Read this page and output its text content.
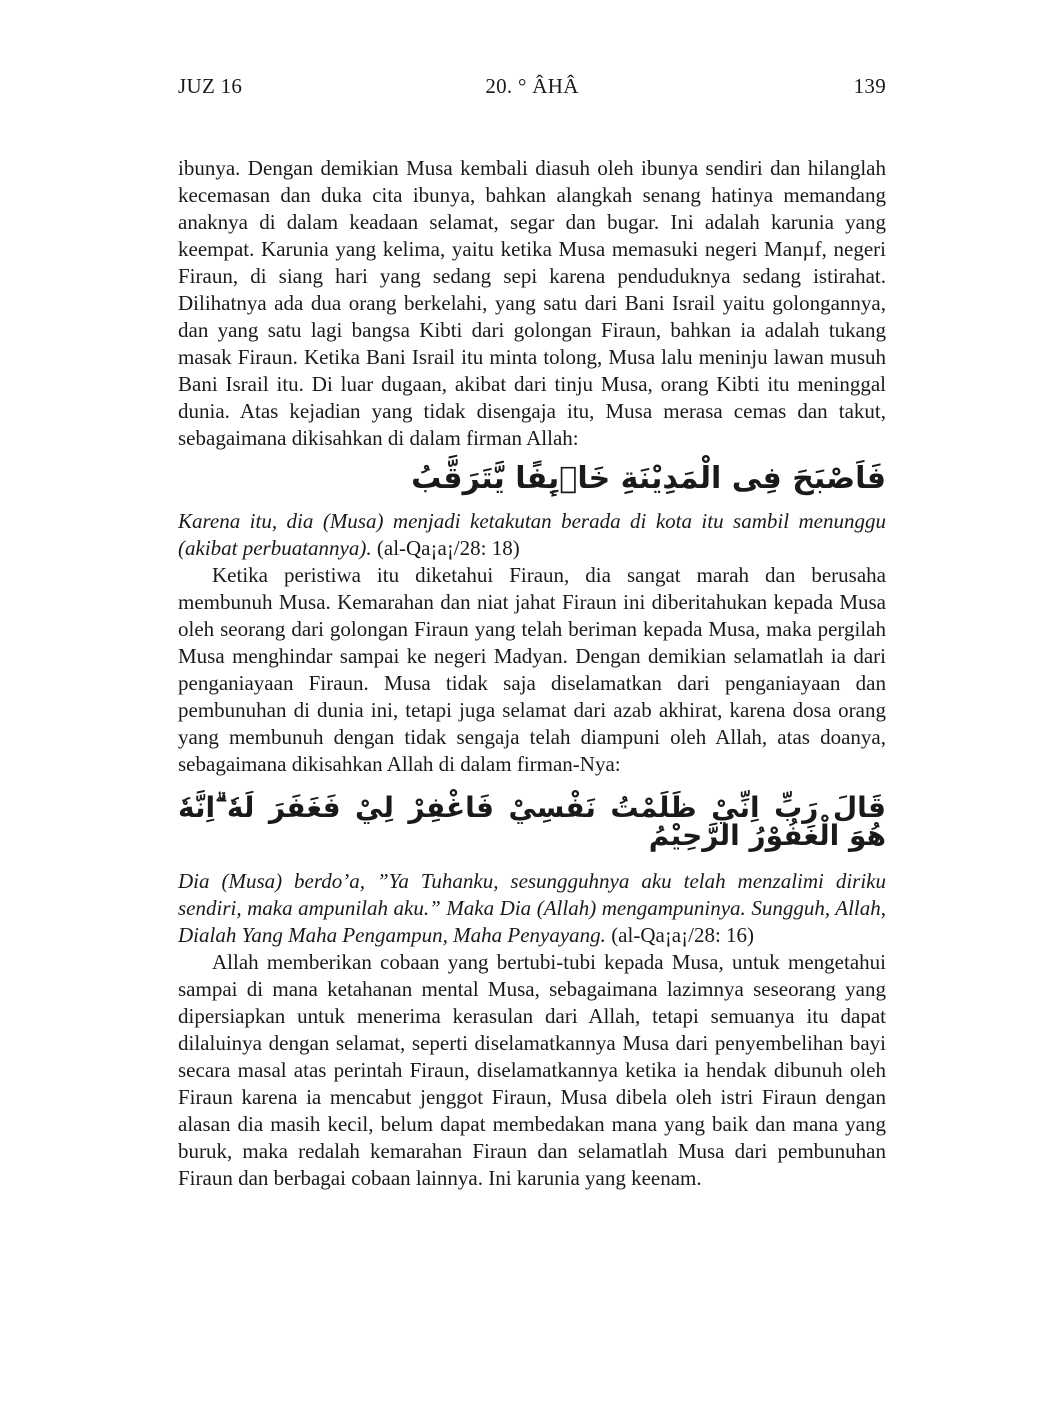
JUZ 16	20. ° ÂHÂ	139

ibunya. Dengan demikian Musa kembali diasuh oleh ibunya sendiri dan hilanglah kecemasan dan duka cita ibunya, bahkan alangkah senang hatinya memandang anaknya di dalam keadaan selamat, segar dan bugar. Ini adalah karunia yang keempat. Karunia yang kelima, yaitu ketika Musa memasuki negeri Manµf, negeri Firaun, di siang hari yang sedang sepi karena penduduknya sedang istirahat. Dilihatnya ada dua orang berkelahi, yang satu dari Bani Israil yaitu golongannya, dan yang satu lagi bangsa Kibti dari golongan Firaun, bahkan ia adalah tukang masak Firaun. Ketika Bani Israil itu minta tolong, Musa lalu meninju lawan musuh Bani Israil itu. Di luar dugaan, akibat dari tinju Musa, orang Kibti itu meninggal dunia. Atas kejadian yang tidak disengaja itu, Musa merasa cemas dan takut, sebagaimana dikisahkan di dalam firman Allah:

فَاَصْبَحَ فِى الْمَدِيْنَةِ خَاۤىِٕفًا يَّتَرَقَّبُ

Karena itu, dia (Musa) menjadi ketakutan berada di kota itu sambil menunggu (akibat perbuatannya). (al-Qa¡a¡/28: 18)

Ketika peristiwa itu diketahui Firaun, dia sangat marah dan berusaha membunuh Musa. Kemarahan dan niat jahat Firaun ini diberitahukan kepada Musa oleh seorang dari golongan Firaun yang telah beriman kepada Musa, maka pergilah Musa menghindar sampai ke negeri Madyan. Dengan demikian selamatlah ia dari penganiayaan Firaun. Musa tidak saja diselamatkan dari penganiayaan dan pembunuhan di dunia ini, tetapi juga selamat dari azab akhirat, karena dosa orang yang membunuh dengan tidak sengaja telah diampuni oleh Allah, atas doanya, sebagaimana dikisahkan Allah di dalam firman-Nya:

قَالَ رَبِّ اِنِّيْ ظَلَمْتُ نَفْسِيْ فَاغْفِرْ لِيْ فَغَفَرَ لَهٗ ۗاِنَّهٗ هُوَ الْغَفُوْرُ الرَّحِيْمُ

Dia (Musa) berdo’a, ”Ya Tuhanku, sesungguhnya aku telah menzalimi diriku sendiri, maka ampunilah aku.” Maka Dia (Allah) mengampuninya. Sungguh, Allah, Dialah Yang Maha Pengampun, Maha Penyayang. (al-Qa¡a¡/28: 16)

Allah memberikan cobaan yang bertubi-tubi kepada Musa, untuk mengetahui sampai di mana ketahanan mental Musa, sebagaimana lazimnya seseorang yang dipersiapkan untuk menerima kerasulan dari Allah, tetapi semuanya itu dapat dilaluinya dengan selamat, seperti diselamatkannya Musa dari penyembelihan bayi secara masal atas perintah Firaun, diselamatkannya ketika ia hendak dibunuh oleh Firaun karena ia mencabut jenggot Firaun, Musa dibela oleh istri Firaun dengan alasan dia masih kecil, belum dapat membedakan mana yang baik dan mana yang buruk, maka redalah kemarahan Firaun dan selamatlah Musa dari pembunuhan Firaun dan berbagai cobaan lainnya. Ini karunia yang keenam.
